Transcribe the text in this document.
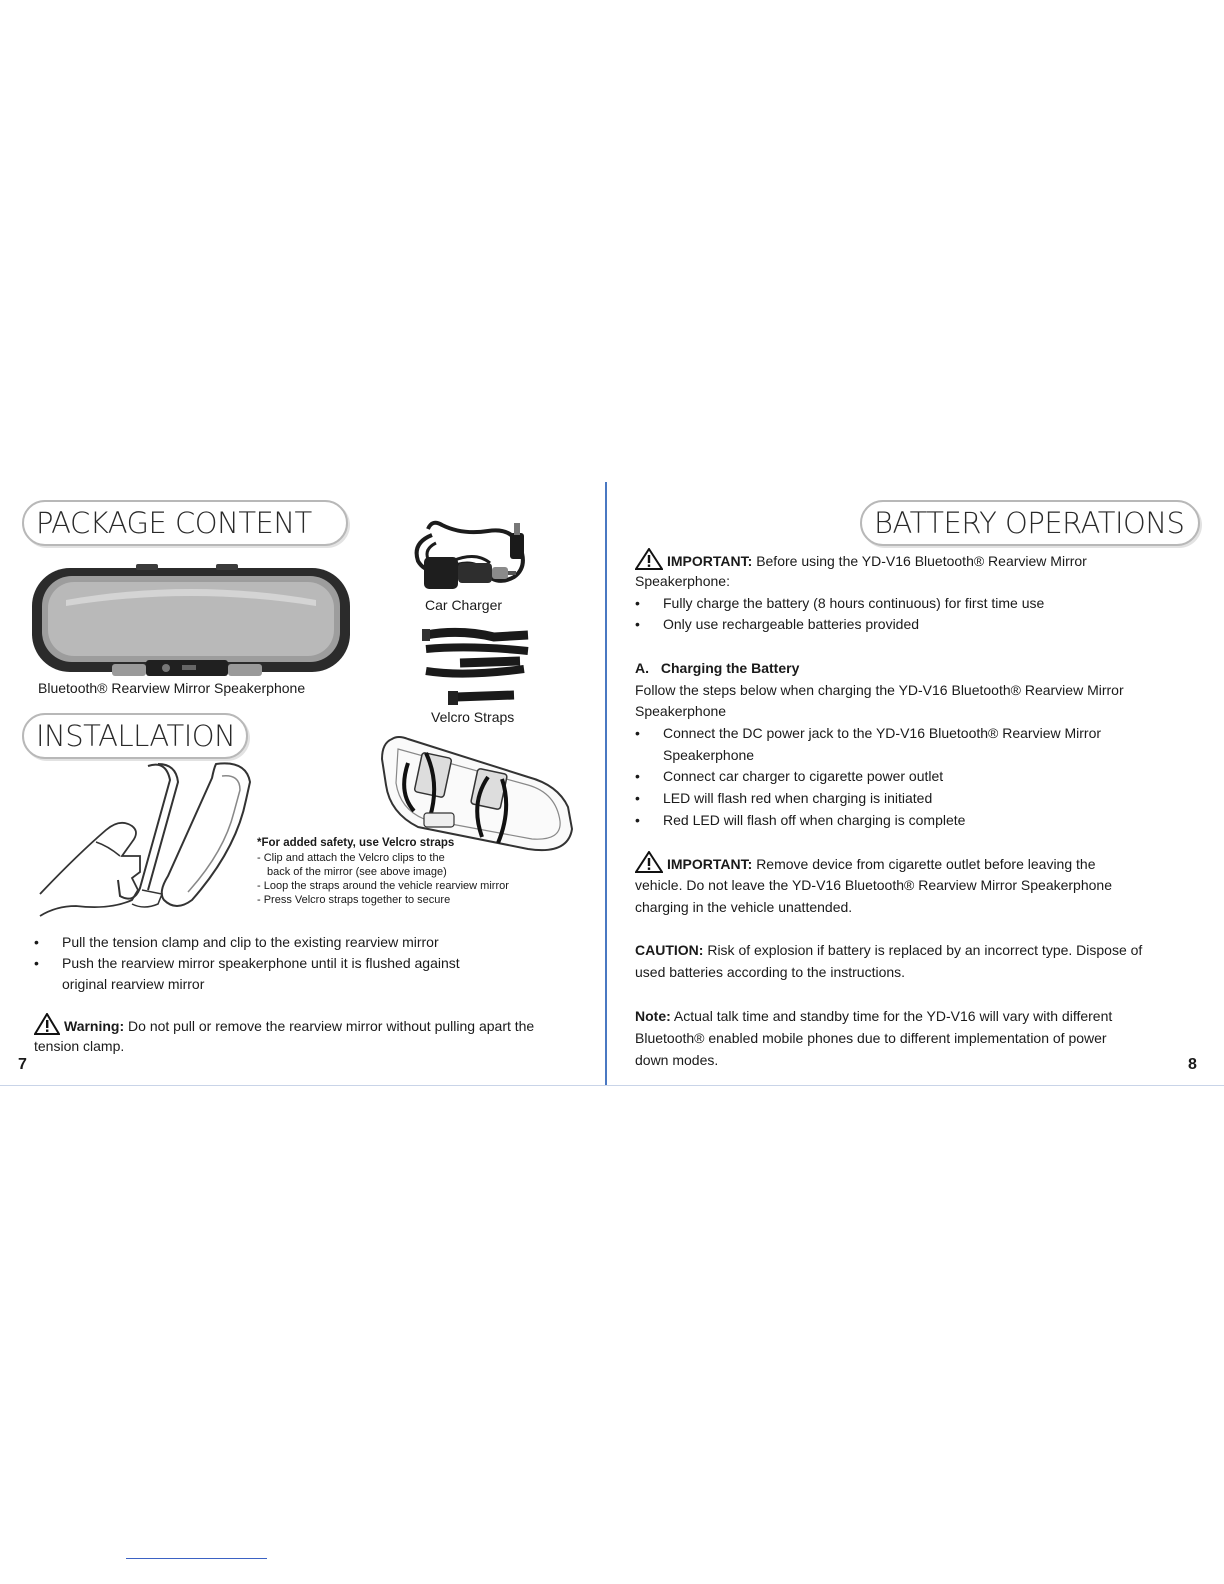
PACKAGE CONTENT
Bluetooth® Rearview Mirror Speakerphone
Car Charger
Velcro Straps
INSTALLATION
*For added safety, use Velcro straps
- Clip and attach the Velcro clips to the
back of the mirror (see above image)
- Loop the straps around the vehicle rearview mirror
- Press Velcro straps together to secure
• Pull the tension clamp and clip to the existing rearview mirror
• Push the rearview mirror speakerphone until it is flushed against
original rearview mirror
Warning: Do not pull or remove the rearview mirror without pulling apart the
tension clamp.
7
BATTERY OPERATIONS
IMPORTANT: Before using the YD-V16 Bluetooth® Rearview Mirror
Speakerphone:
• Fully charge the battery (8 hours continuous) for first time use
• Only use rechargeable batteries provided
A. Charging the Battery
Follow the steps below when charging the YD-V16 Bluetooth® Rearview Mirror
Speakerphone
• Connect the DC power jack to the YD-V16 Bluetooth® Rearview Mirror
Speakerphone
• Connect car charger to cigarette power outlet
• LED will flash red when charging is initiated
• Red LED will flash off when charging is complete
IMPORTANT: Remove device from cigarette outlet before leaving the
vehicle. Do not leave the YD-V16 Bluetooth® Rearview Mirror Speakerphone
charging in the vehicle unattended.
CAUTION: Risk of explosion if battery is replaced by an incorrect type. Dispose of
used batteries according to the instructions.
Note: Actual talk time and standby time for the YD-V16 will vary with different
Bluetooth® enabled mobile phones due to different implementation of power
down modes.	8
